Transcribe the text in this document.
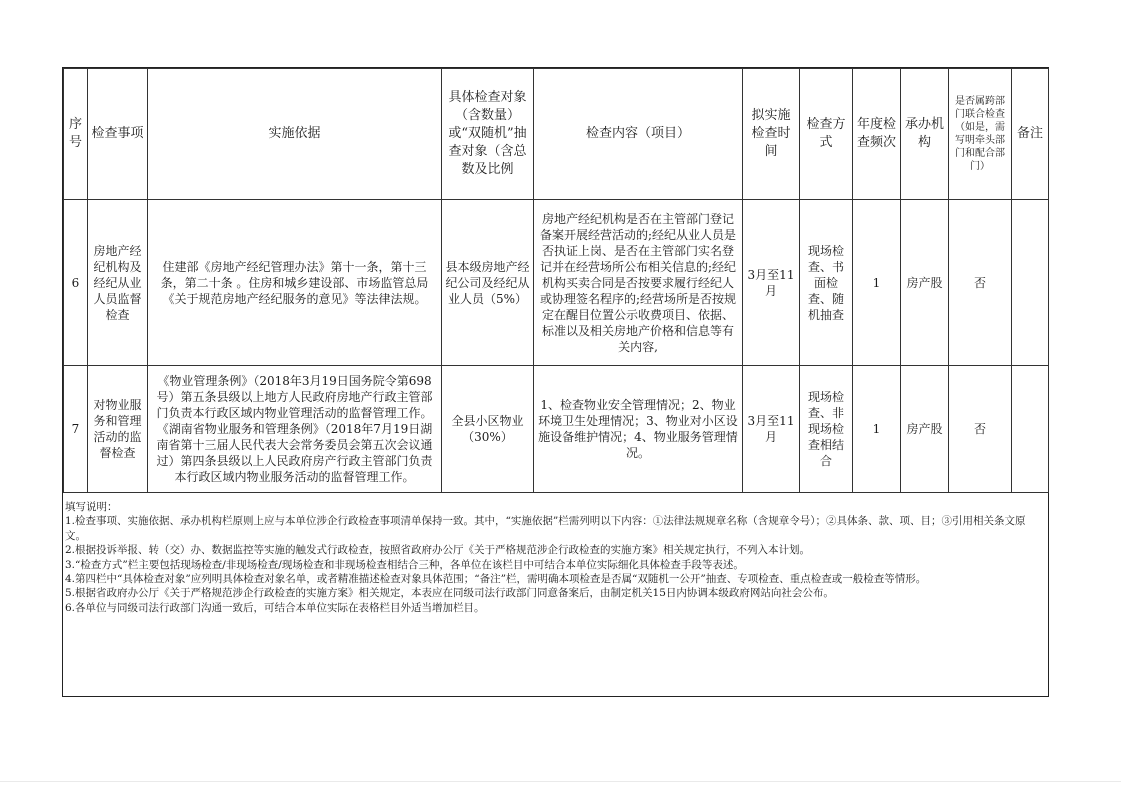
序号	检查事项	实施依据	具体检查对象（含数量）或“双随机”抽查对象（含总数及比例	检查内容（项目）	拟实施检查时间	检查方式	年度检查频次	承办机构	是否属跨部门联合检查（如是，需写明牵头部门和配合部门）	备注
6	房地产经纪机构及经纪从业人员监督检查	住建部《房地产经纪管理办法》第十一条，第十三条，第二十条 。住房和城乡建设部、市场监管总局《关于规范房地产经纪服务的意见》等法律法规。	县本级房地产经纪公司及经纪从业人员（5%）	房地产经纪机构是否在主管部门登记备案开展经营活动的;经纪从业人员是否执证上岗、是否在主管部门实名登记并在经营场所公布相关信息的;经纪机构买卖合同是否按要求履行经纪人或协理签名程序的;经营场所是否按规定在醒目位置公示收费项目、依据、标准以及相关房地产价格和信息等有关内容,	3月至11月	现场检查、书面检查、随机抽查	1	房产股	否	
7	对物业服务和管理活动的监督检查	《物业管理条例》（2018年3月19日国务院令第698号）第五条县级以上地方人民政府房地产行政主管部门负责本行政区域内物业管理活动的监督管理工作。《湖南省物业服务和管理条例》（2018年7月19日湖南省第十三届人民代表大会常务委员会第五次会议通过）第四条县级以上人民政府房产行政主管部门负责本行政区域内物业服务活动的监督管理工作。	全县小区物业（30%）	1、检查物业安全管理情况；2、物业环境卫生处理情况；3、物业对小区设施设备维护情况；4、物业服务管理情况。	3月至11月	现场检查、非现场检查相结合	1	房产股	否	
填写说明：
1.检查事项、实施依据、承办机构栏原则上应与本单位涉企行政检查事项清单保持一致。其中，“实施依据”栏需列明以下内容：①法律法规规章名称（含规章令号）；②具体条、款、项、目；③引用相关条文原文。
2.根据投诉举报、转（交）办、数据监控等实施的触发式行政检查，按照省政府办公厅《关于严格规范涉企行政检查的实施方案》相关规定执行，不列入本计划。
3.“检查方式”栏主要包括现场检查/非现场检查/现场检查和非现场检查相结合三种，各单位在该栏目中可结合本单位实际细化具体检查手段等表述。
4.第四栏中“具体检查对象”应列明具体检查对象名单，或者精准描述检查对象具体范围；“备注”栏，需明确本项检查是否属“双随机一公开”抽查、专项检查、重点检查或一般检查等情形。
5.根据省政府办公厅《关于严格规范涉企行政检查的实施方案》相关规定，本表应在同级司法行政部门同意备案后，由制定机关15日内协调本级政府网站向社会公布。
6.各单位与同级司法行政部门沟通一致后，可结合本单位实际在表格栏目外适当增加栏目。
